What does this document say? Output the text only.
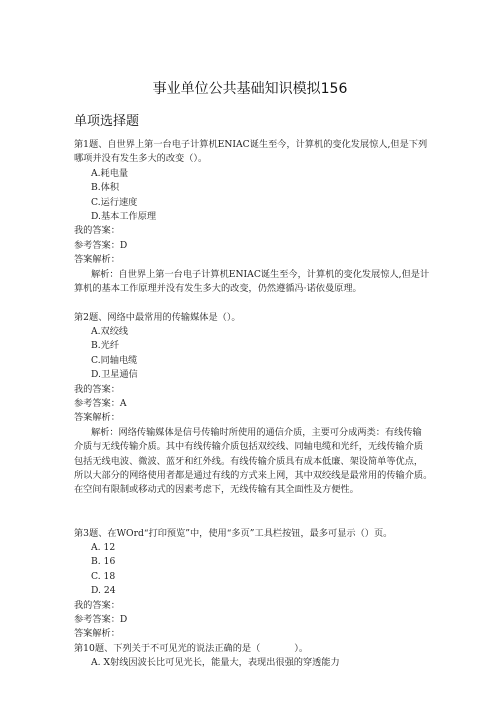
事业单位公共基础知识模拟156
单项选择题
第1题、自世界上第一台电子计算机ENIAC诞生至今，计算机的变化发展惊人,但是下列
哪项并没有发生多大的改变（）。
A.耗电量
B.体积
C.运行速度
D.基本工作原理
我的答案：
参考答案：D
答案解析：
解析：自世界上第一台电子计算机ENIAC诞生至今，计算机的变化发展惊人,但是计
算机的基本工作原理并没有发生多大的改变，仍然遵循冯·诺依曼原理。
第2题、网络中最常用的传输媒体是（）。
A.双绞线
B.光纤
C.同轴电缆
D.卫星通信
我的答案：
参考答案：A
答案解析：
解析：网络传输媒体是信号传输时所使用的通信介质，主要可分成两类：有线传输
介质与无线传输介质。其中有线传输介质包括双绞线、同轴电缆和光纤，无线传输介质
包括无线电波、微波、蓝牙和红外线。有线传输介质具有成本低廉、架设简单等优点，
所以大部分的网络使用者都是通过有线的方式来上网，其中双绞线是最常用的传输介质。
在空间有限制或移动式的因素考虑下，无线传输有其全面性及方便性。
第3题、在WOrd“打印预览”中，使用“多页”工具栏按钮，最多可显示（）页。
A. 12
B. 16
C. 18
D. 24
我的答案：
参考答案：D
答案解析：
第10题、下列关于不可见光的说法正确的是（	）。
A. X射线因波长比可见光长，能量大，表现出很强的穿透能力
